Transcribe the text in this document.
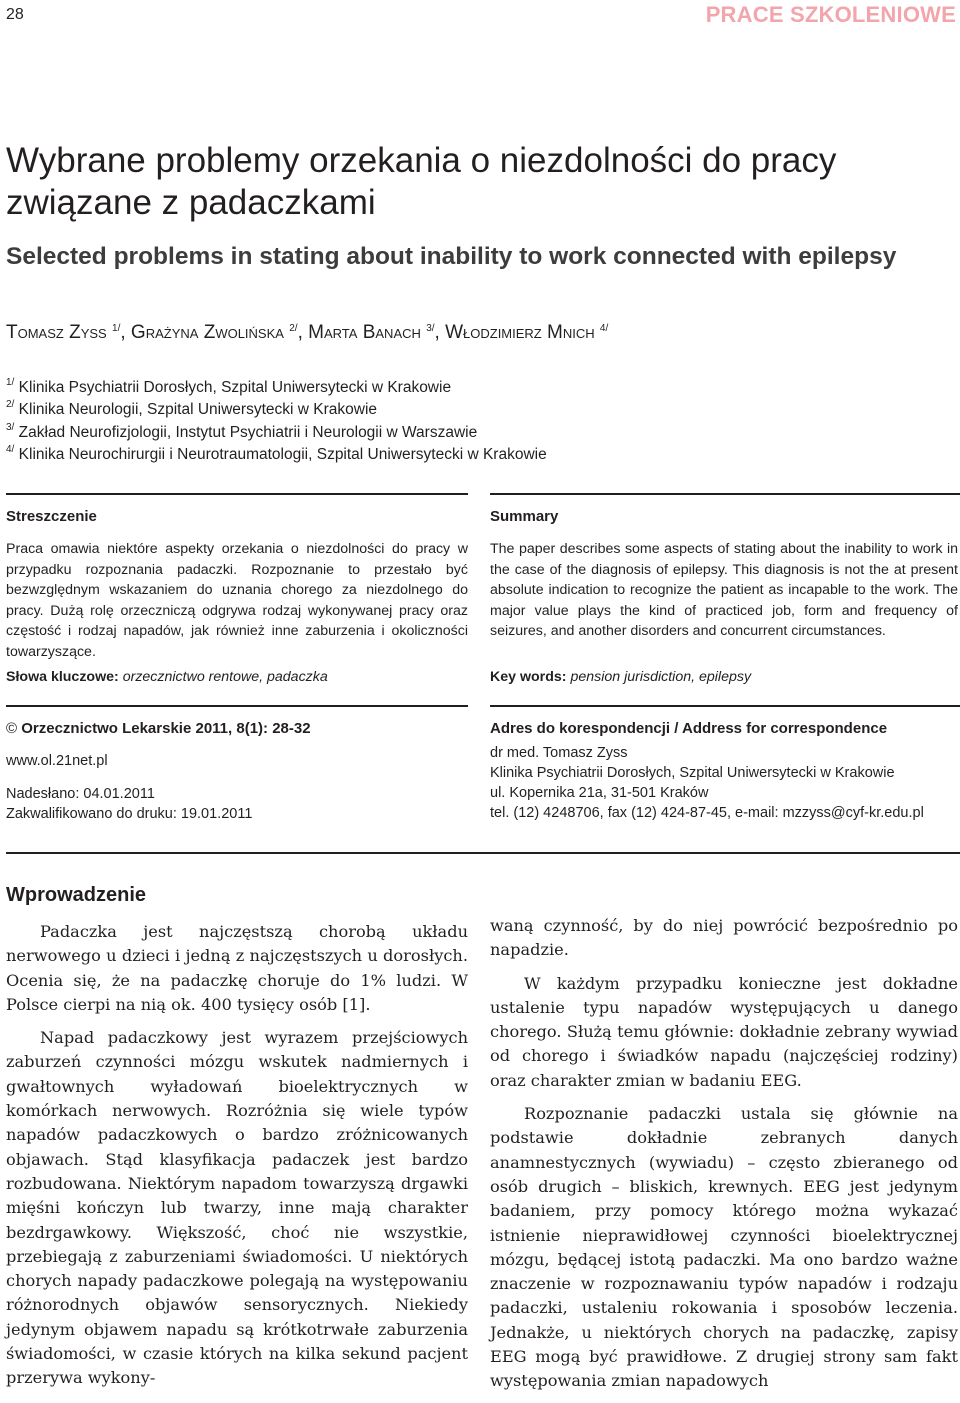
28	PRACE SZKOLENIOWE
Wybrane problemy orzekania o niezdolności do pracy związane z padaczkami
Selected problems in stating about inability to work connected with epilepsy
Tomasz Zyss $^{1/}$, Grażyna Zwolińska $^{2/}$, Marta Banach $^{3/}$, Włodzimierz Mnich $^{4/}$
$^{1/}$ Klinika Psychiatrii Dorosłych, Szpital Uniwersytecki w Krakowie
$^{2/}$ Klinika Neurologii, Szpital Uniwersytecki w Krakowie
$^{3/}$ Zakład Neurofizjologii, Instytut Psychiatrii i Neurologii w Warszawie
$^{4/}$ Klinika Neurochirurgii i Neurotraumatologii, Szpital Uniwersytecki w Krakowie
Streszczenie
Praca omawia niektóre aspekty orzekania o niezdolności do pracy w przypadku rozpoznania padaczki. Rozpoznanie to przestało być bezwzględnym wskazaniem do uznania chorego za niezdolnego do pracy. Dużą rolę orzeczniczą odgrywa rodzaj wykonywanej pracy oraz częstość i rodzaj napadów, jak również inne zaburzenia i okoliczności towarzyszące.
Słowa kluczowe: orzecznictwo rentowe, padaczka
Summary
The paper describes some aspects of stating about the inability to work in the case of the diagnosis of epilepsy. This diagnosis is not the at present absolute indication to recognize the patient as incapable to the work. The major value plays the kind of practiced job, form and frequency of seizures, and another disorders and concurrent circumstances.
Key words: pension jurisdiction, epilepsy
© Orzecznictwo Lekarskie 2011, 8(1): 28-32
www.ol.21net.pl
Nadesłano: 04.01.2011
Zakwalifikowano do druku: 19.01.2011
Adres do korespondencji / Address for correspondence
dr med. Tomasz Zyss
Klinika Psychiatrii Dorosłych, Szpital Uniwersytecki w Krakowie
ul. Kopernika 21a, 31-501 Kraków
tel. (12) 4248706, fax (12) 424-87-45, e-mail: mzzyss@cyf-kr.edu.pl
Wprowadzenie

Padaczka jest najczęstszą chorobą układu nerwowego u dzieci i jedną z najczęstszych u dorosłych. Ocenia się, że na padaczkę choruje do 1% ludzi. W Polsce cierpi na nią ok. 400 tysięcy osób [1].

Napad padaczkowy jest wyrazem przejściowych zaburzeń czynności mózgu wskutek nadmiernych i gwałtownych wyładowań bioelektrycznych w komórkach nerwowych. Rozróżnia się wiele typów napadów padaczkowych o bardzo zróżnicowanych objawach. Stąd klasyfikacja padaczek jest bardzo rozbudowana. Niektórym napadom towarzyszą drgawki mięśni kończyn lub twarzy, inne mają charakter bezdrgawkowy. Większość, choć nie wszystkie, przebiegają z zaburzeniami świadomości. U niektórych chorych napady padaczkowe polegają na występowaniu różnorodnych objawów sensorycznych. Niekiedy jedynym objawem napadu są krótkotrwałe zaburzenia świadomości, w czasie których na kilka sekund pacjent przerywa wykony-

waną czynność, by do niej powrócić bezpośrednio po napadzie.

W każdym przypadku konieczne jest dokładne ustalenie typu napadów występujących u danego chorego. Służą temu głównie: dokładnie zebrany wywiad od chorego i świadków napadu (najczęściej rodziny) oraz charakter zmian w badaniu EEG.

Rozpoznanie padaczki ustala się głównie na podstawie dokładnie zebranych danych anamnestycznych (wywiadu) – często zbieranego od osób drugich – bliskich, krewnych. EEG jest jedynym badaniem, przy pomocy którego można wykazać istnienie nieprawidłowej czynności bioelektrycznej mózgu, będącej istotą padaczki. Ma ono bardzo ważne znaczenie w rozpoznawaniu typów napadów i rodzaju padaczki, ustaleniu rokowania i sposobów leczenia. Jednakże, u niektórych chorych na padaczkę, zapisy EEG mogą być prawidłowe. Z drugiej strony sam fakt występowania zmian napadowych
